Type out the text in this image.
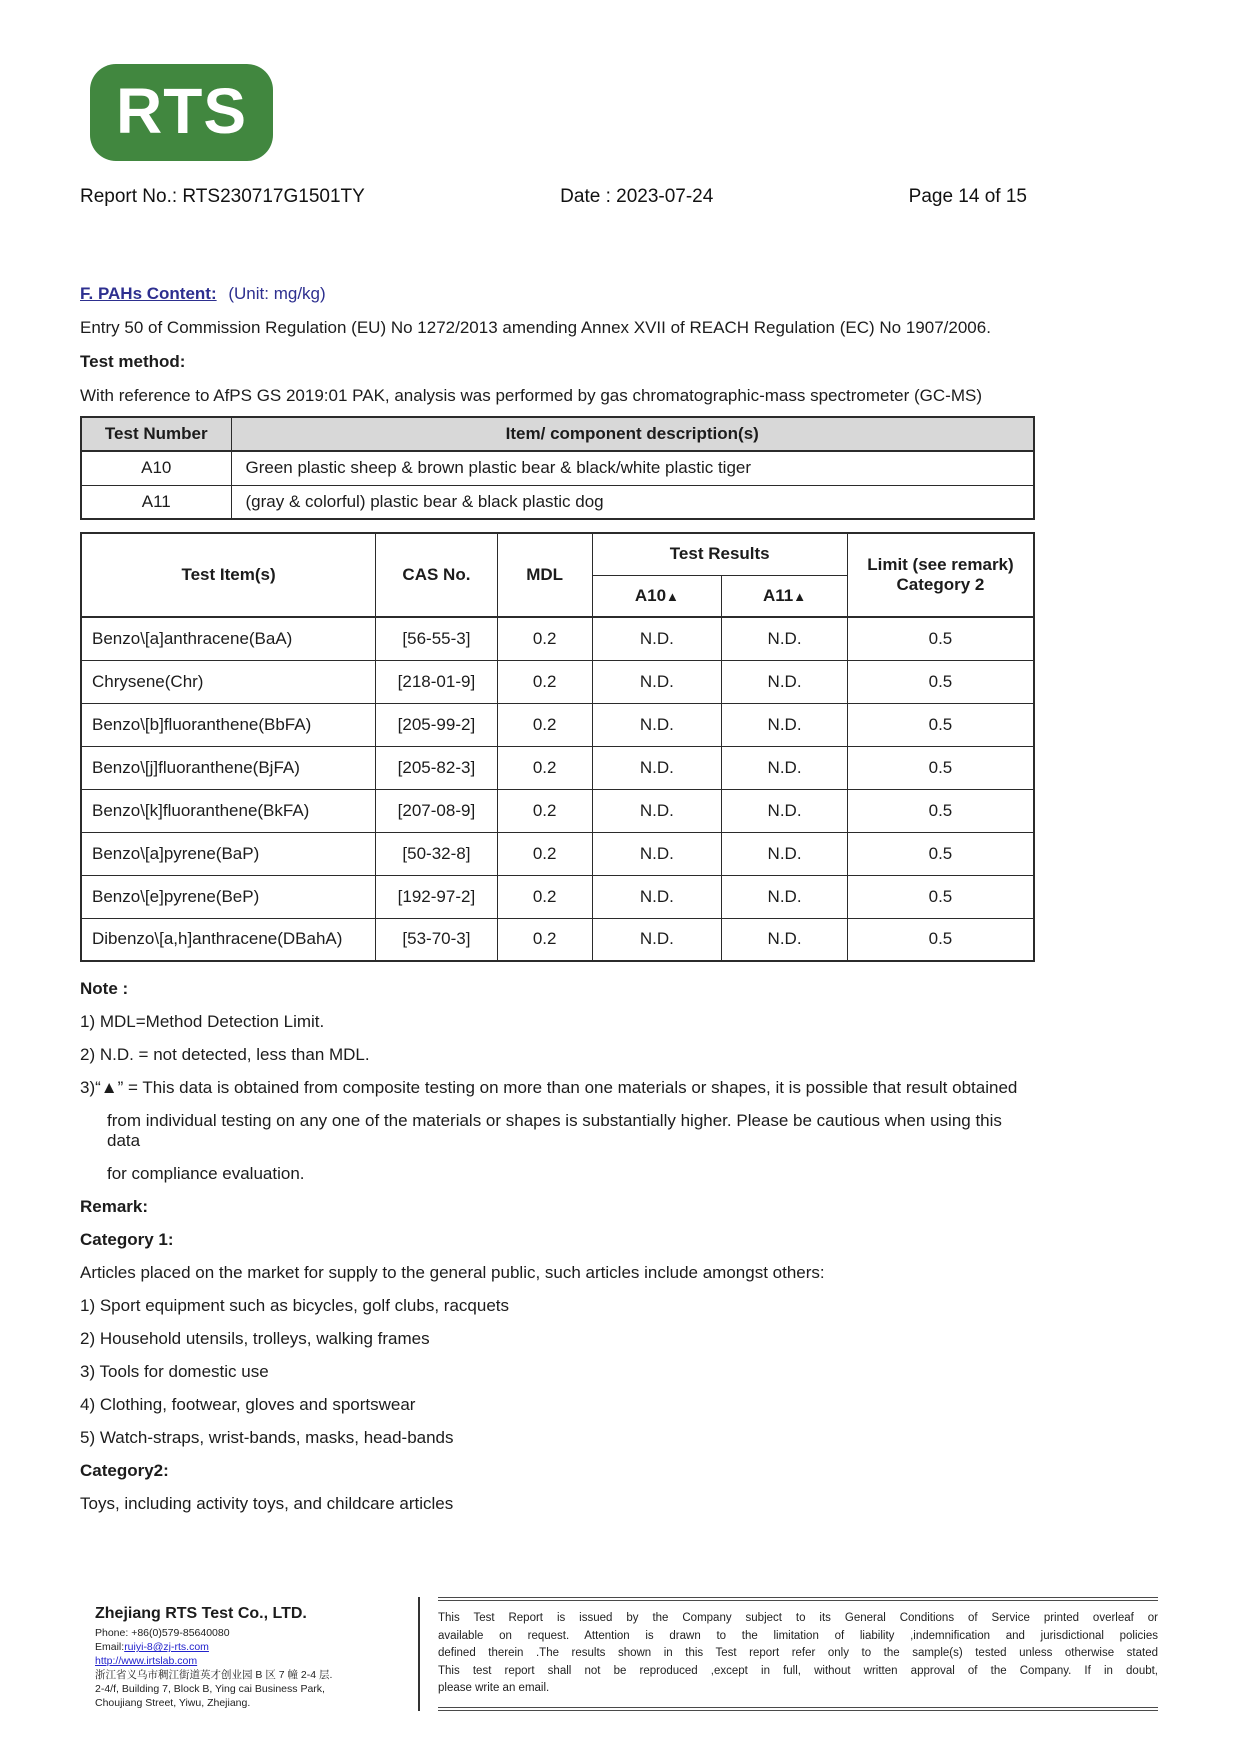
RTS
Report No.: RTS230717G1501TY	Date : 2023-07-24	Page 14 of 15
F. PAHs Content: (Unit: mg/kg)

Entry 50 of Commission Regulation (EU) No 1272/2013 amending Annex XVII of REACH Regulation (EC) No 1907/2006.

Test method:

With reference to AfPS GS 2019:01 PAK, analysis was performed by gas chromatographic-mass spectrometer (GC-MS)

Test Number	Item/ component description(s)
A10	Green plastic sheep & brown plastic bear & black/white plastic tiger
A11	(gray & colorful) plastic bear & black plastic dog
Test Item(s)	CAS No.	MDL	Test Results		Limit (see remark)
Category 2

			A10▲	A11▲	
Benzo\[a]anthracene(BaA)	[56-55-3]	0.2	N.D.	N.D.	0.5
Chrysene(Chr)	[218-01-9]	0.2	N.D.	N.D.	0.5
Benzo\[b]fluoranthene(BbFA)	[205-99-2]	0.2	N.D.	N.D.	0.5
Benzo\[j]fluoranthene(BjFA)	[205-82-3]	0.2	N.D.	N.D.	0.5
Benzo\[k]fluoranthene(BkFA)	[207-08-9]	0.2	N.D.	N.D.	0.5
Benzo\[a]pyrene(BaP)	[50-32-8]	0.2	N.D.	N.D.	0.5
Benzo\[e]pyrene(BeP)	[192-97-2]	0.2	N.D.	N.D.	0.5
Dibenzo\[a,h]anthracene(DBahA)	[53-70-3]	0.2	N.D.	N.D.	0.5
Note :
1) MDL=Method Detection Limit.
2) N.D. = not detected, less than MDL.
3)“▲” = This data is obtained from composite testing on more than one materials or shapes, it is possible that result obtained
from individual testing on any one of the materials or shapes is substantially higher. Please be cautious when using this data
for compliance evaluation.
Remark:
Category 1:
Articles placed on the market for supply to the general public, such articles include amongst others:
1) Sport equipment such as bicycles, golf clubs, racquets
2) Household utensils, trolleys, walking frames
3) Tools for domestic use
4) Clothing, footwear, gloves and sportswear
5) Watch-straps, wrist-bands, masks, head-bands
Category2:
Toys, including activity toys, and childcare articles
Zhejiang RTS Test Co., LTD.
Phone: +86(0)579-85640080
Email:ruiyi-8@zj-rts.com
http://www.irtslab.com
浙江省义乌市稠江街道英才创业园 B 区 7 幢 2-4 层.
2-4/f, Building 7, Block B, Ying cai Business Park,
Choujiang Street, Yiwu, Zhejiang.
This Test Report is issued by the Company subject to its General Conditions of Service printed overleaf or
available on request. Attention is drawn to the limitation of liability ,indemnification and jurisdictional policies
defined therein .The results shown in this Test report refer only to the sample(s) tested unless otherwise stated
This test report shall not be reproduced ,except in full, without written approval of the Company. If in doubt,
please write an email.
